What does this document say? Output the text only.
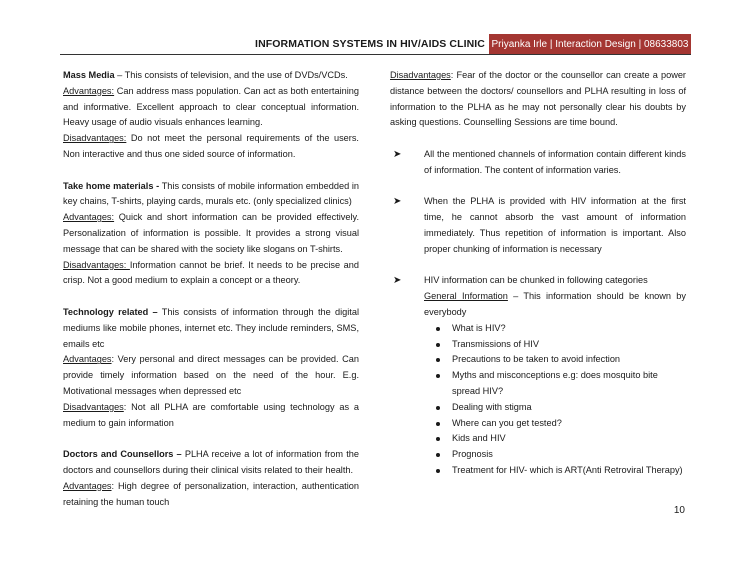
INFORMATION SYSTEMS IN HIV/AIDS CLINIC Priyanka Irle | Interaction Design | 08633803

Mass Media – This consists of television, and the use of DVDs/VCDs.
Advantages: Can address mass population. Can act as both entertaining and informative. Excellent approach to clear conceptual information. Heavy usage of audio visuals enhances learning.
Disadvantages: Do not meet the personal requirements of the users. Non interactive and thus one sided source of information.

Take home materials - This consists of mobile information embedded in key chains, T-shirts, playing cards, murals etc. (only specialized clinics)
Advantages: Quick and short information can be provided effectively. Personalization of information is possible. It provides a strong visual message that can be shared with the society like slogans on T-shirts.
Disadvantages: Information cannot be brief. It needs to be precise and crisp. Not a good medium to explain a concept or a theory.

Technology related – This consists of information through the digital mediums like mobile phones, internet etc. They include reminders, SMS, emails etc
Advantages: Very personal and direct messages can be provided. Can provide timely information based on the need of the hour. E.g. Motivational messages when depressed etc
Disadvantages: Not all PLHA are comfortable using technology as a medium to gain information

Doctors and Counsellors – PLHA receive a lot of information from the doctors and counsellors during their clinical visits related to their health.
Advantages: High degree of personalization, interaction, authentication retaining the human touch

Disadvantages: Fear of the doctor or the counsellor can create a power distance between the doctors/ counsellors and PLHA resulting in loss of information to the PLHA as he may not personally clear his doubts by asking questions. Counselling Sessions are time bound.

➤ All the mentioned channels of information contain different kinds of information. The content of information varies.
➤ When the PLHA is provided with HIV information at the first time, he cannot absorb the vast amount of information immediately. Thus repetition of information is important. Also proper chunking of information is necessary
➤ HIV information can be chunked in following categories
General Information – This information should be known by everybody
What is HIV?
Transmissions of HIV
Precautions to be taken to avoid infection
Myths and misconceptions e.g: does mosquito bite spread HIV?
Dealing with stigma
Where can you get tested?
Kids and HIV
Prognosis
Treatment for HIV- which is ART(Anti Retroviral Therapy)
10
